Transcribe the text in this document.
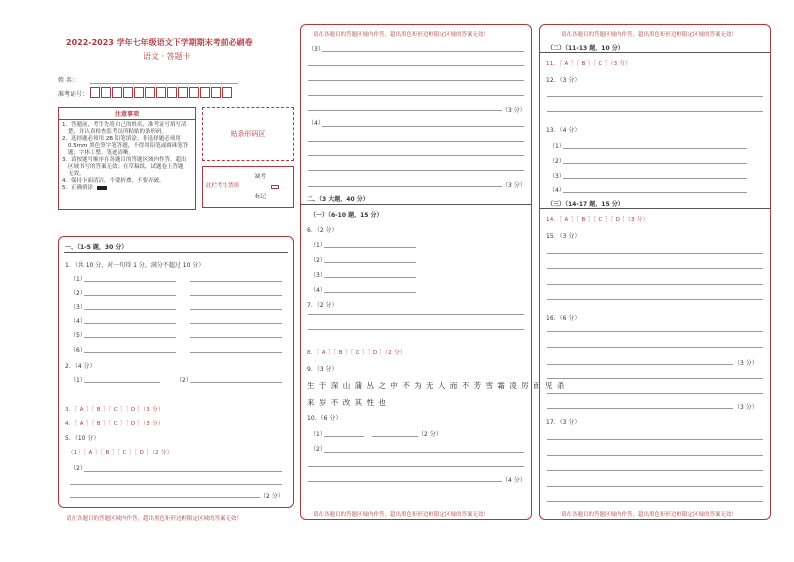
2022-2023 学年七年级语文下学期期末考前必刷卷
语文 · 答题卡
姓 名：
准考证号：
注意事项
1．答题前，考生先将自己的姓名，准考证号填写清
楚，并认真检查监考员所粘贴的条形码。
2．选择题必须用 2B 铅笔填涂；非选择题必须用
0.5mm 黑色签字笔答题，不得用铅笔或圆珠笔答
题；字体工整、笔迹清晰。
3．请按题号顺序在各题目的答题区域内作答，超出
区域书写的答案无效；在草稿纸、试题卷上答题
无效。
4．保持卡面清洁，不要折叠、不要弄破。
5．正确填涂
贴条形码区
此栏考生禁填
缺考
标记
一、（1-5 题，30 分）
1．（共 10 分，对一句得 1 分，满分不超过 10 分）
（1）
（2）
（3）
（4）
（5）
（6）
2．（4 分）
（1）	（2）
3．［ A ］［ B ］［ C ］［ D ］（3 分）
4．［ A ］［ B ］［ C ］［ D ］（3 分）
5．（10 分）
（1）［ A ］［ B ］［ C ］［ D ］（2 分）
（2）
（2 分）
请在各题目的答题区域内作答，超出黑色矩形边框限定区域的答案无效！
请在各题目的答题区域内作答，超出黑色矩形边框限定区域的答案无效！
（3）
（3 分）
（4）
（3 分）
二、（3 大题，40 分）
（一）（6-10 题，15 分）
6．（2 分）
（1）
（2）
（3）
（4）
7．（2 分）
8．［ A ］［ B ］［ C ］［ D ］（2 分）
9．（3 分）
生于深山蒲丛之中不为无人而不芳雪霜凌厉而见杀
来岁不改其性也
10．（6 分）
（1）	（2 分）
（2）
（4 分）
请在各题目的答题区域内作答，超出黑色矩形边框限定区域的答案无效！
请在各题目的答题区域内作答，超出黑色矩形边框限定区域的答案无效！
（二）（11-13 题，10 分）
11．［ A ］［ B ］［ C ］（3 分）
12．（3 分）
13．（4 分）
（1）
（2）
（3）
（4）
（三）（14-17 题，15 分）
14．［ A ］［ B ］［ C ］［ D ］（3 分）
15．（3 分）
16．（6 分）
（3 分）
（3 分）
17．（3 分）
请在各题目的答题区域内作答，超出黑色矩形边框限定区域的答案无效！
